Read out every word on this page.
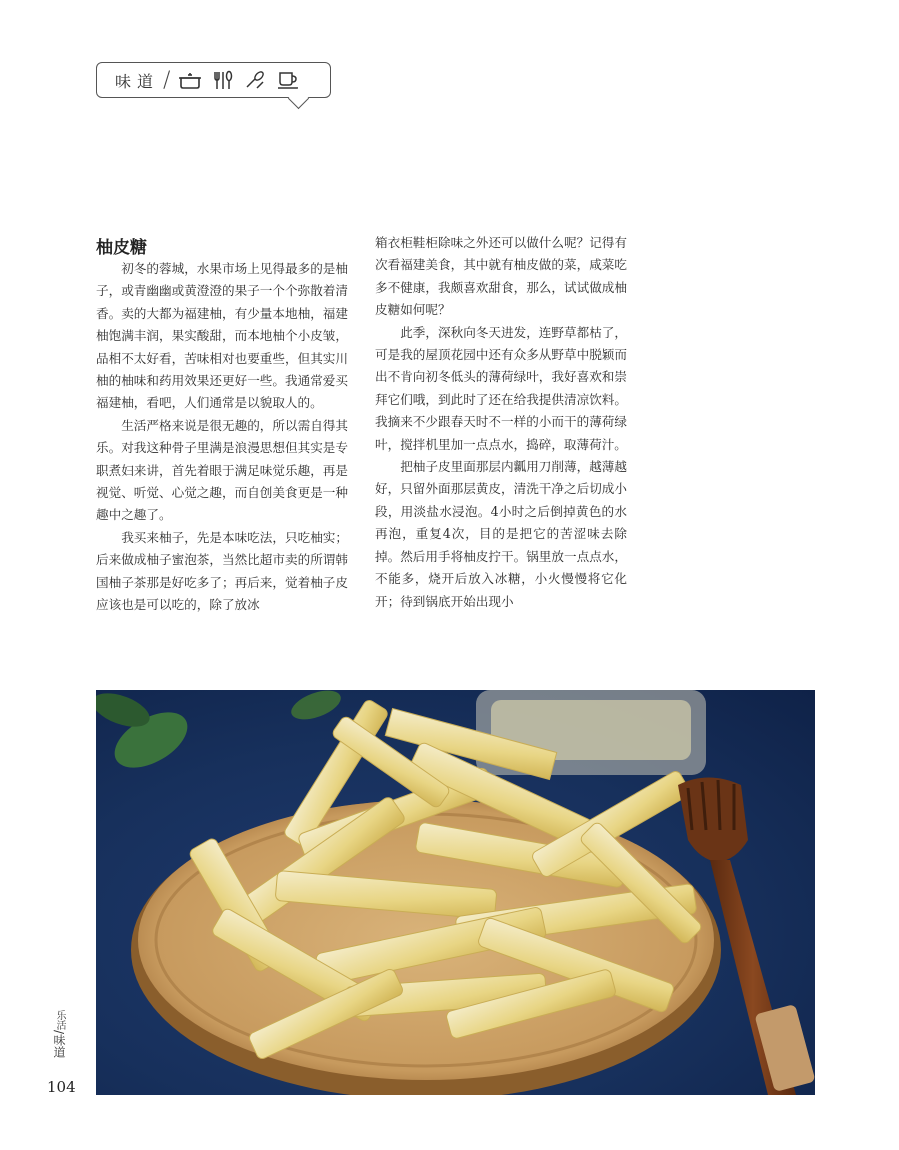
味道 /
柚皮糖

初冬的蓉城，水果市场上见得最多的是柚子，或青幽幽或黄澄澄的果子一个个弥散着清香。卖的大都为福建柚，有少量本地柚，福建柚饱满丰润，果实酸甜，而本地柚个小皮皱，品相不太好看，苦味相对也要重些，但其实川柚的柚味和药用效果还更好一些。我通常爱买福建柚，看吧，人们通常是以貌取人的。

生活严格来说是很无趣的，所以需自得其乐。对我这种骨子里满是浪漫思想但其实是专职煮妇来讲，首先着眼于满足味觉乐趣，再是视觉、听觉、心觉之趣，而自创美食更是一种趣中之趣了。

我买来柚子，先是本味吃法，只吃柚实；后来做成柚子蜜泡茶，当然比超市卖的所谓韩国柚子茶那是好吃多了；再后来，觉着柚子皮应该也是可以吃的，除了放冰

箱衣柜鞋柜除味之外还可以做什么呢？记得有次看福建美食，其中就有柚皮做的菜，咸菜吃多不健康，我颇喜欢甜食，那么，试试做成柚皮糖如何呢？

此季，深秋向冬天进发，连野草都枯了，可是我的屋顶花园中还有众多从野草中脱颖而出不肯向初冬低头的薄荷绿叶，我好喜欢和崇拜它们哦，到此时了还在给我提供清凉饮料。我摘来不少跟春天时不一样的小而干的薄荷绿叶，搅拌机里加一点点水，捣碎，取薄荷汁。

把柚子皮里面那层内瓤用刀削薄，越薄越好，只留外面那层黄皮，清洗干净之后切成小段，用淡盐水浸泡。4小时之后倒掉黄色的水再泡，重复4次，目的是把它的苦涩味去除掉。然后用手将柚皮拧干。锅里放一点点水，不能多，烧开后放入冰糖，小火慢慢将它化开；待到锅底开始出现小

乐活/味道
104
